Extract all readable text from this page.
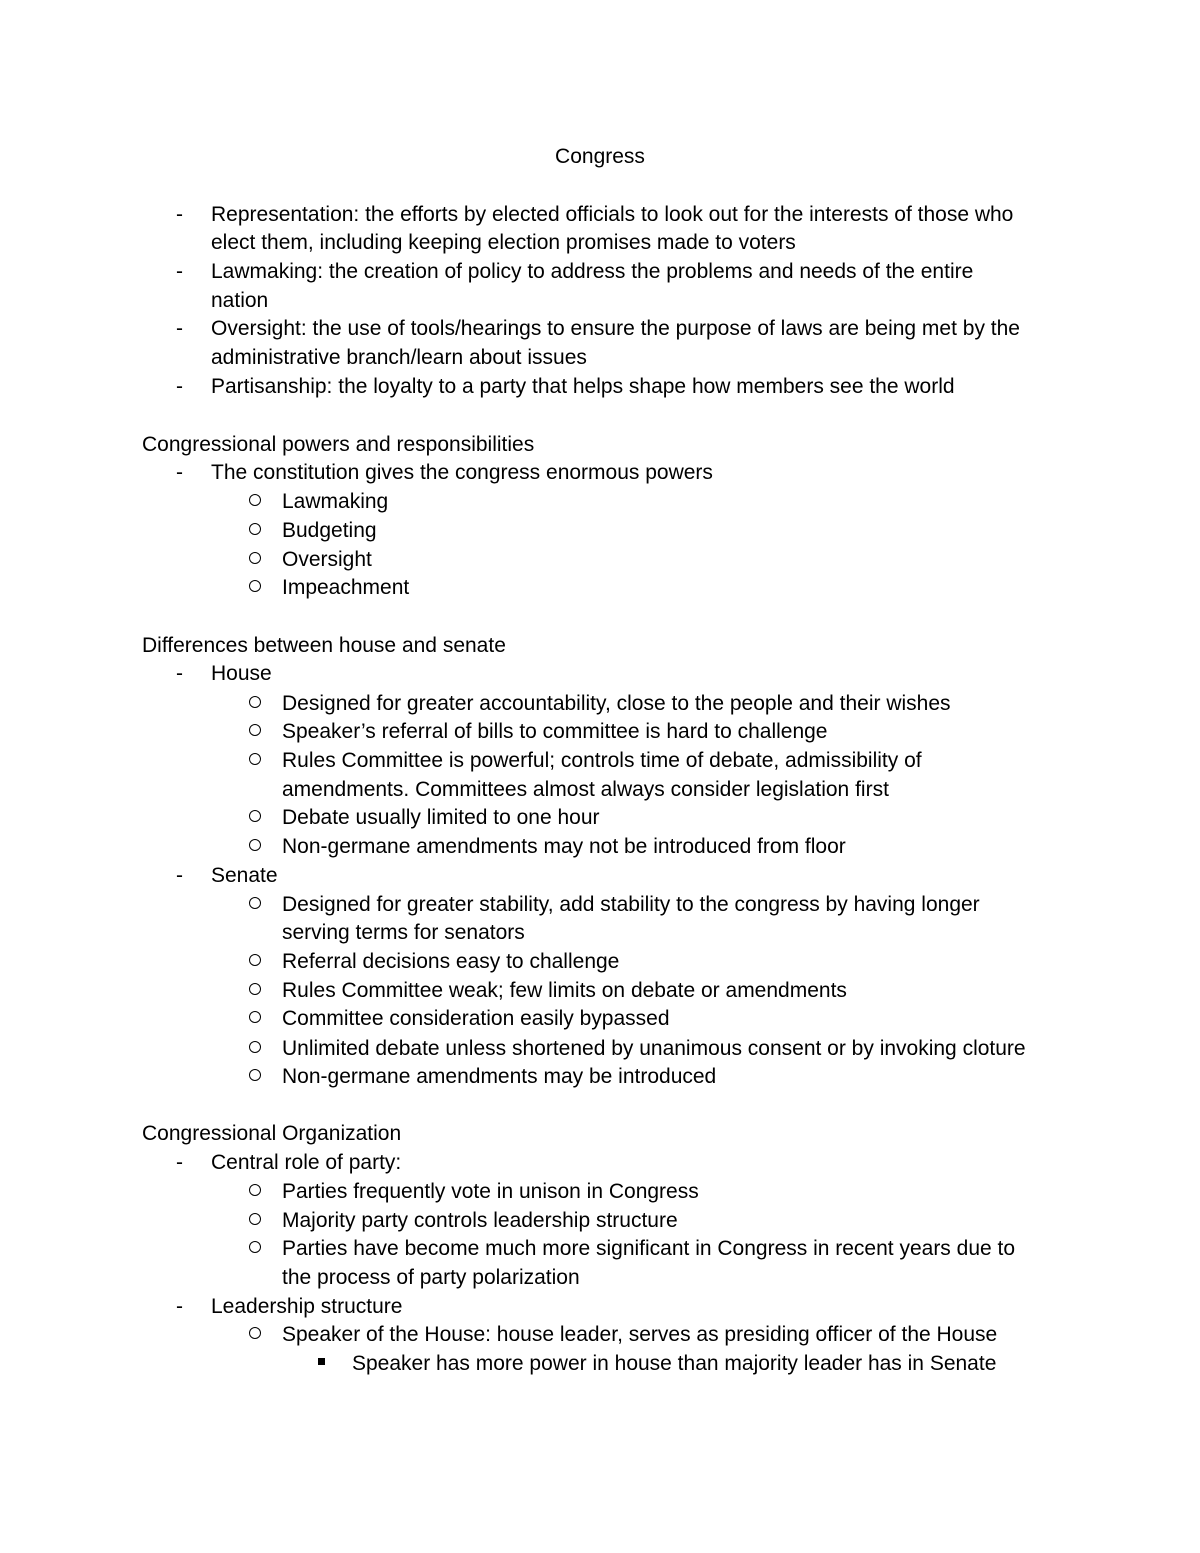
Congress
- Representation: the efforts by elected officials to look out for the interests of those who
elect them, including keeping election promises made to voters
- Lawmaking: the creation of policy to address the problems and needs of the entire
nation
- Oversight: the use of tools/hearings to ensure the purpose of laws are being met by the
administrative branch/learn about issues
- Partisanship: the loyalty to a party that helps shape how members see the world
Congressional powers and responsibilities
- The constitution gives the congress enormous powers
Lawmaking
Budgeting
Oversight
Impeachment
Differences between house and senate
- House
Designed for greater accountability, close to the people and their wishes
Speaker’s referral of bills to committee is hard to challenge
Rules Committee is powerful; controls time of debate, admissibility of
amendments. Committees almost always consider legislation first
Debate usually limited to one hour
Non-germane amendments may not be introduced from floor
- Senate
Designed for greater stability, add stability to the congress by having longer
serving terms for senators
Referral decisions easy to challenge
Rules Committee weak; few limits on debate or amendments
Committee consideration easily bypassed
Unlimited debate unless shortened by unanimous consent or by invoking cloture
Non-germane amendments may be introduced
Congressional Organization
- Central role of party:
Parties frequently vote in unison in Congress
Majority party controls leadership structure
Parties have become much more significant in Congress in recent years due to
the process of party polarization
- Leadership structure
Speaker of the House: house leader, serves as presiding officer of the House
Speaker has more power in house than majority leader has in Senate
